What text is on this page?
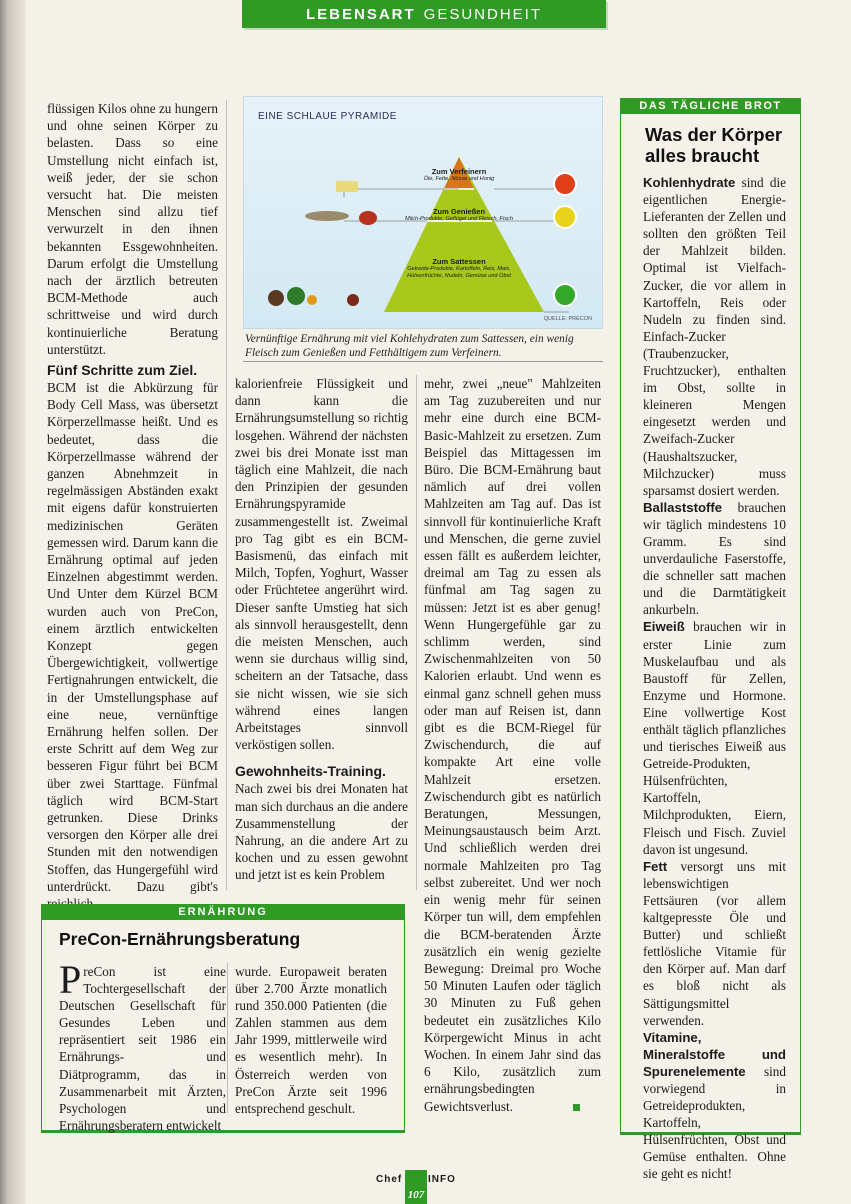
LEBENSART GESUNDHEIT

flüssigen Kilos ohne zu hungern und ohne seinen Körper zu belasten. Dass so eine Umstellung nicht einfach ist, weiß jeder, der sie schon versucht hat. Die meisten Menschen sind allzu tief verwurzelt in den ihnen bekannten Essgewohnheiten. Darum erfolgt die Umstellung nach der ärztlich betreuten BCM-Methode auch schrittweise und wird durch kontinuierliche Beratung unterstützt.

Fünf Schritte zum Ziel.

BCM ist die Abkürzung für Body Cell Mass, was übersetzt Körperzellmasse heißt. Und es bedeutet, dass die Körperzellmasse während der ganzen Abnehmzeit in regelmässigen Abständen exakt mit eigens dafür konstruierten medizinischen Geräten gemessen wird. Darum kann die Ernährung optimal auf jeden Einzelnen abgestimmt werden. Und Unter dem Kürzel BCM wurden auch von PreCon, einem ärztlich entwickelten Konzept gegen Übergewichtigkeit, vollwertige Fertignahrungen entwickelt, die in der Umstellungsphase auf eine neue, vernünftige Ernährung helfen sollen. Der erste Schritt auf dem Weg zur besseren Figur führt bei BCM über zwei Starttage. Fünfmal täglich wird BCM-Start getrunken. Diese Drinks versorgen den Körper alle drei Stunden mit den notwendigen Stoffen, das Hungergefühl wird unterdrückt. Dazu gibt's

EINE SCHLAUE PYRAMIDE
Zum Verfeinern
Öle, Fette, Nüsse und Honig
Zum Genießen
Milch-Produkte, Geflügel und Fleisch, Fisch
Zum Sattessen
Getreide-Produkte, Kartoffeln, Reis, Mais, Hülsenfrüchte, Nudeln, Gemüse und Obst
QUELLE: PRECON
Vernünftige Ernährung mit viel Kohlehydraten zum Sattessen, ein wenig Fleisch zum Genießen und Fetthältigem zum Verfeinern.

kalorienfreie Flüssigkeit und dann kann die Ernährungsumstellung so richtig losgehen. Während der nächsten zwei bis drei Monate isst man täglich eine Mahlzeit, die nach den Prinzipien der gesunden Ernährungspyramide zusammengestellt ist. Zweimal pro Tag gibt es ein BCM-Basismenü, das einfach mit Milch, Topfen, Yoghurt, Wasser oder Früchtetee angerührt wird. Dieser sanfte Umstieg hat sich als sinnvoll herausgestellt, denn die meisten Menschen, auch wenn sie durchaus willig sind, scheitern an der Tatsache, dass sie nicht wissen, wie sie sich während eines langen Arbeitstages sinnvoll verköstigen sollen.

Gewohnheits-Training.

Nach zwei bis drei Monaten hat man sich durchaus an die andere Zusammenstellung der Nahrung, an die andere Art zu kochen und zu essen gewohnt und jetzt ist es kein Problem

mehr, zwei „neue" Mahlzeiten am Tag zuzubereiten und nur mehr eine durch eine BCM-Basic-Mahlzeit zu ersetzen. Zum Beispiel das Mittagessen im Büro. Die BCM-Ernährung baut nämlich auf drei vollen Mahlzeiten am Tag auf. Das ist sinnvoll für kontinuierliche Kraft und Menschen, die gerne zuviel essen fällt es außerdem leichter, dreimal am Tag zu essen als fünfmal am Tag sagen zu müssen: Jetzt ist es aber genug! Wenn Hungergefühle gar zu schlimm werden, sind Zwischenmahlzeiten von 50 Kalorien erlaubt. Und wenn es einmal ganz schnell gehen muss oder man auf Reisen ist, dann gibt es die BCM-Riegel für Zwischendurch, die auf kompakte Art eine volle Mahlzeit ersetzen. Zwischendurch gibt es natürlich Beratungen, Messungen, Meinungsaustausch beim Arzt. Und schließlich werden drei normale Mahlzeiten pro Tag selbst zubereitet. Und wer noch ein wenig mehr für seinen Körper tun will, dem empfehlen die BCM-beratenden Ärzte zusätzlich ein wenig gezielte Bewegung: Dreimal pro Woche 50 Minuten Laufen oder täglich 30 Minuten zu Fuß gehen bedeutet ein zusätzliches Kilo Körpergewicht Minus in acht Wochen. In einem Jahr sind das 6 Kilo, zusätzlich zum ernährungsbedingten Gewichtsverlust.

ERNÄHRUNG
PreCon-Ernährungsberatung
PreCon ist eine Tochtergesellschaft der Deutschen Gesellschaft für Gesundes Leben und repräsentiert seit 1986 ein Ernährungs- und Diätprogramm, das in Zusammenarbeit mit Ärzten, Psychologen und Ernährungsberatern entwickelt
wurde. Europaweit beraten über 2.700 Ärzte monatlich rund 350.000 Patienten (die Zahlen stammen aus dem Jahr 1999, mittlerweile wird es wesentlich mehr). In Österreich werden von PreCon Ärzte seit 1996 entsprechend geschult.
DAS TÄGLICHE BROT
Was der Körper alles braucht

Kohlenhydrate sind die eigentlichen Energie-Lieferanten der Zellen und sollten den größten Teil der Mahlzeit bilden. Optimal ist Vielfach-Zucker, die vor allem in Kartoffeln, Reis oder Nudeln zu finden sind. Einfach-Zucker (Traubenzucker, Fruchtzucker), enthalten im Obst, sollte in kleineren Mengen eingesetzt werden und Zweifach-Zucker (Haushaltszucker, Milchzucker) muss sparsamst dosiert werden.

Ballaststoffe brauchen wir täglich mindestens 10 Gramm. Es sind unverdauliche Faserstoffe, die schneller satt machen und die Darmtätigkeit ankurbeln.

Eiweiß brauchen wir in erster Linie zum Muskelaufbau und als Baustoff für Zellen, Enzyme und Hormone. Eine vollwertige Kost enthält täglich pflanzliches und tierisches Eiweiß aus Getreide-Produkten, Hülsenfrüchten, Kartoffeln, Milchprodukten, Eiern, Fleisch und Fisch. Zuviel davon ist ungesund.

Fett versorgt uns mit lebenswichtigen Fettsäuren (vor allem kaltgepresste Öle und Butter) und schließt fettlösliche Vitamie für den Körper auf. Man darf es bloß nicht als Sättigungsmittel verwenden.

Vitamine, Mineralstoffe und Spurenelemente sind vorwiegend in Getreideprodukten, Kartoffeln, Hülsenfrüchten, Obst und Gemüse enthalten. Ohne sie geht es nicht!

Chef
107
INFO
